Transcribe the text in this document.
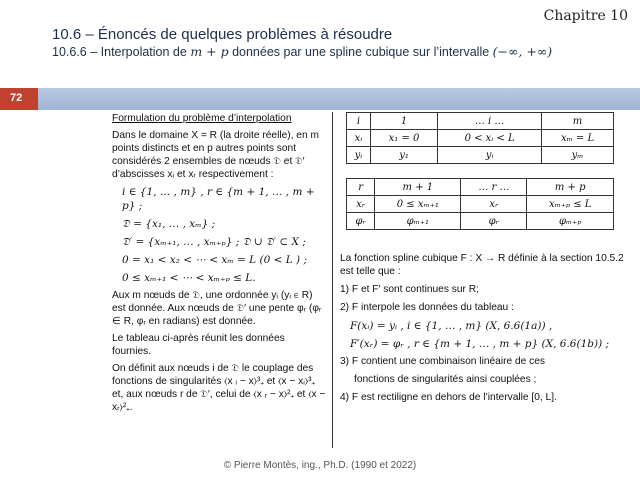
Chapitre 10
10.6 – Énoncés de quelques problèmes à résoudre
10.6.6 – Interpolation de m + p données par une spline cubique sur l’intervalle (−∞, +∞)
72

Formulation du problème d’interpolation

Dans le domaine X = R (la droite réelle), en m points distincts et en p autres points sont considérés 2 ensembles de nœuds 𝔇 et 𝔇′ d’abscisses xᵢ et xᵣ respectivement :

i ∈ {1, … , m} , r ∈ {m + 1, … , m + p} ;
𝔇 = {x₁, … , xₘ} ;
𝔇′ = {xₘ₊₁, … , xₘ₊ₚ} ; 𝔇 ∪ 𝔇′ ⊂ X ;
0 = x₁ < x₂ < ⋯ < xₘ = L (0 < L ) ;
0 ≤ xₘ₊₁ < ⋯ < xₘ₊ₚ ≤ L.

Aux m nœuds de 𝔇, une ordonnée yᵢ (yᵢ ∈ R) est donnée. Aux nœuds de 𝔇′ une pente φᵣ (φᵣ ∈ R, φᵣ en radians) est donnée.

Le tableau ci-après réunit les données fournies.

On définit aux nœuds i de 𝔇 le couplage des fonctions de singularités ⟨x ᵢ − x⟩³₊ et ⟨x − xᵢ⟩³₊ et, aux nœuds r de 𝔇′, celui de ⟨x ᵣ − x⟩²₊ et ⟨x − xᵣ⟩²₊.

i	1	… i …	m
xᵢ	x₁ = 0	0 < xᵢ < L	xₘ = L
yᵢ	y₁	yᵢ	yₘ
r	m + 1	… r …	m + p
xᵣ	0 ≤ xₘ₊₁	xᵣ	xₘ₊ₚ ≤ L
φᵣ	φₘ₊₁	φᵣ	φₘ₊ₚ

La fonction spline cubique F : X → R définie à la section 10.5.2 est telle que :

1) F et F′ sont continues sur R;

2) F interpole les données du tableau :

F(xᵢ) = yᵢ , i ∈ {1, … , m} (X, 6.6(1a)) ,
F′(xᵣ) = φᵣ , r ∈ {m + 1, … , m + p} (X, 6.6(1b)) ;

3) F contient une combinaison linéaire de ces

fonctions de singularités ainsi couplées ;

4) F est rectiligne en dehors de l’intervalle [0, L].

© Pierre Montès, ing., Ph.D. (1990 et 2022)
